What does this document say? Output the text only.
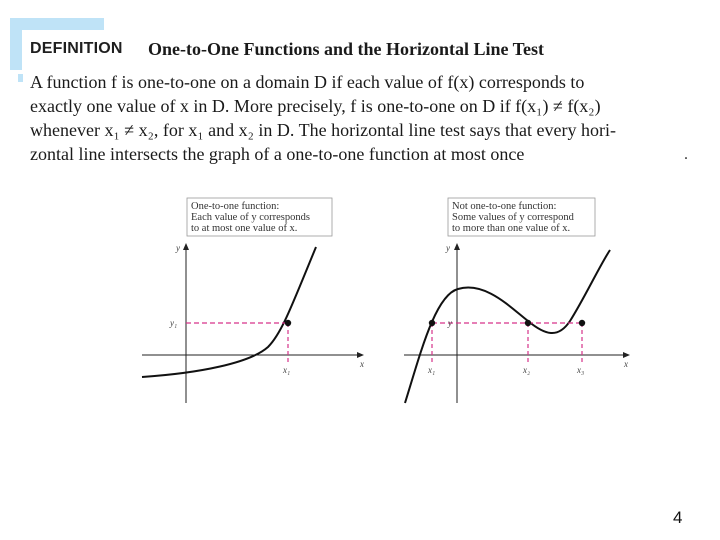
DEFINITION One-to-One Functions and the Horizontal Line Test

A function f is one-to-one on a domain D if each value of f(x) corresponds to

exactly one value of x in D. More precisely, f is one-to-one on D if f(x₁) ≠ f(x₂)

whenever x₁ ≠ x₂, for x₁ and x₂ in D. The horizontal line test says that every hori-

zontal line intersects the graph of a one-to-one function at most once	.
One-to-one function:
Each value of y corresponds
to at most one value of x.
y
x
y₁
x₁
Not one-to-one function:
Some values of y correspond
to more than one value of x.
y
x
y
x₁	x₂	x₃
4
